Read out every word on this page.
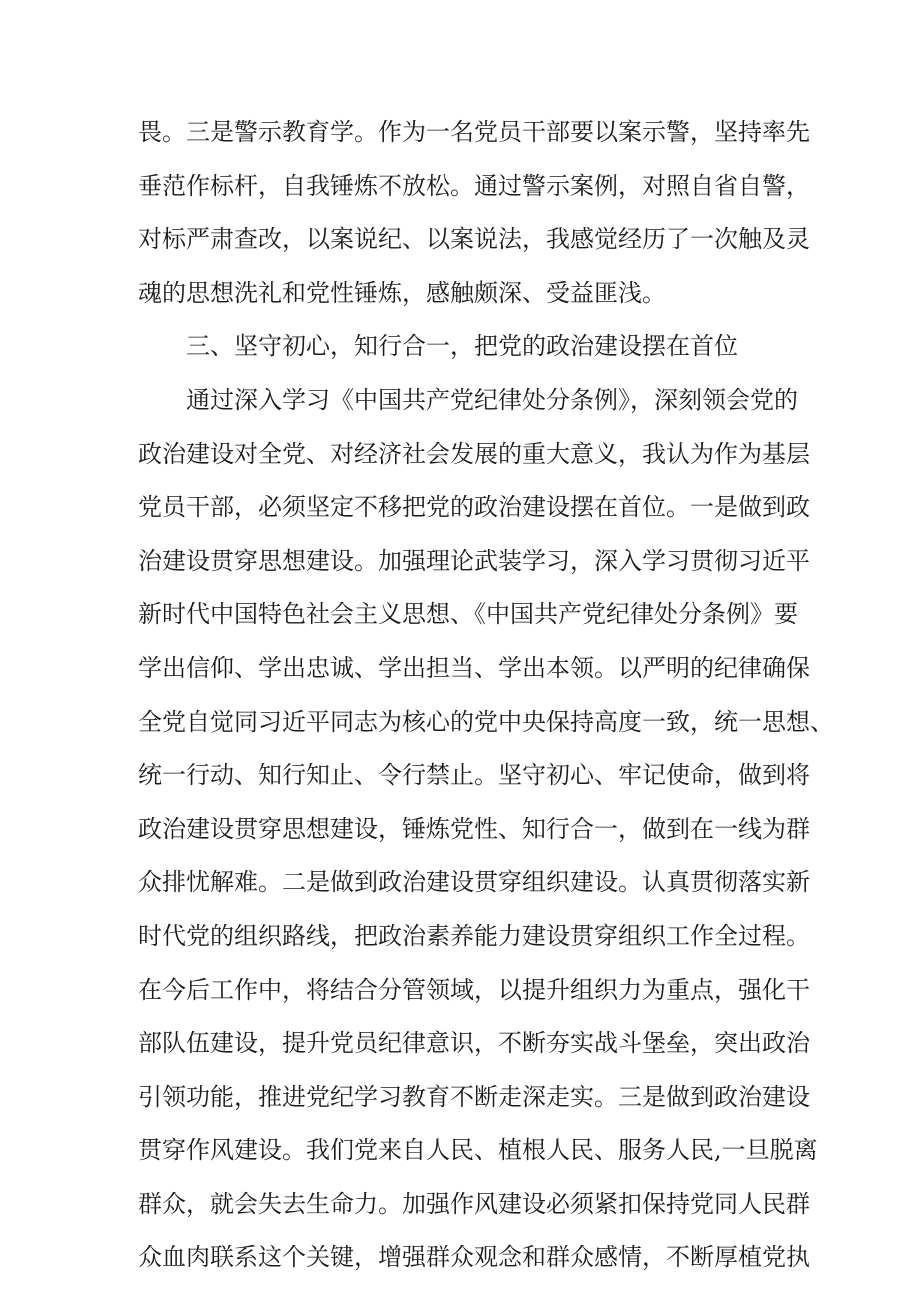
畏。三是警示教育学。作为一名党员干部要以案示警，坚持率先
垂范作标杆，自我锤炼不放松。通过警示案例，对照自省自警，
对标严肃查改，以案说纪、以案说法，我感觉经历了一次触及灵
魂的思想洗礼和党性锤炼，感触颇深、受益匪浅。
三、坚守初心，知行合一，把党的政治建设摆在首位
通过深入学习《中国共产党纪律处分条例》，深刻领会党的
政治建设对全党、对经济社会发展的重大意义，我认为作为基层
党员干部，必须坚定不移把党的政治建设摆在首位。一是做到政
治建设贯穿思想建设。加强理论武装学习，深入学习贯彻习近平
新时代中国特色社会主义思想、《中国共产党纪律处分条例》要
学出信仰、学出忠诚、学出担当、学出本领。以严明的纪律确保
全党自觉同习近平同志为核心的党中央保持高度一致，统一思想、
统一行动、知行知止、令行禁止。坚守初心、牢记使命，做到将
政治建设贯穿思想建设，锤炼党性、知行合一，做到在一线为群
众排忧解难。二是做到政治建设贯穿组织建设。认真贯彻落实新
时代党的组织路线，把政治素养能力建设贯穿组织工作全过程。
在今后工作中，将结合分管领域，以提升组织力为重点，强化干
部队伍建设，提升党员纪律意识，不断夯实战斗堡垒，突出政治
引领功能，推进党纪学习教育不断走深走实。三是做到政治建设
贯穿作风建设。我们党来自人民、植根人民、服务人民,一旦脱离
群众，就会失去生命力。加强作风建设必须紧扣保持党同人民群
众血肉联系这个关键，增强群众观念和群众感情，不断厚植党执
